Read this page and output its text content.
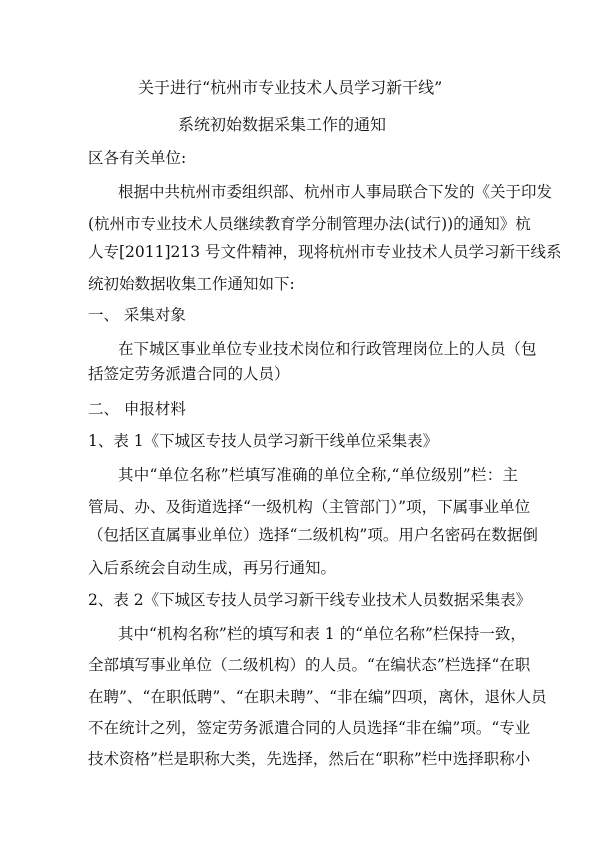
关于进行“杭州市专业技术人员学习新干线”
系统初始数据采集工作的通知
区各有关单位:
根据中共杭州市委组织部、杭州市人事局联合下发的《关于印发
(杭州市专业技术人员继续教育学分制管理办法(试行))的通知》杭
人专[2011]213 号文件精神，现将杭州市专业技术人员学习新干线系
统初始数据收集工作通知如下:
一、 采集对象
在下城区事业单位专业技术岗位和行政管理岗位上的人员（包
括签定劳务派遣合同的人员）
二、 申报材料
1、表 1《下城区专技人员学习新干线单位采集表》
其中“单位名称”栏填写准确的单位全称,“单位级别”栏：主
管局、办、及街道选择“一级机构（主管部门）”项，下属事业单位
（包括区直属事业单位）选择“二级机构”项。用户名密码在数据倒
入后系统会自动生成，再另行通知。
2、表 2《下城区专技人员学习新干线专业技术人员数据采集表》
其中“机构名称”栏的填写和表 1 的“单位名称”栏保持一致，
全部填写事业单位（二级机构）的人员。“在编状态”栏选择“在职
在聘”、“在职低聘”、“在职未聘”、“非在编”四项，离休，退休人员
不在统计之列，签定劳务派遣合同的人员选择“非在编”项。“专业
技术资格”栏是职称大类，先选择，然后在“职称”栏中选择职称小
